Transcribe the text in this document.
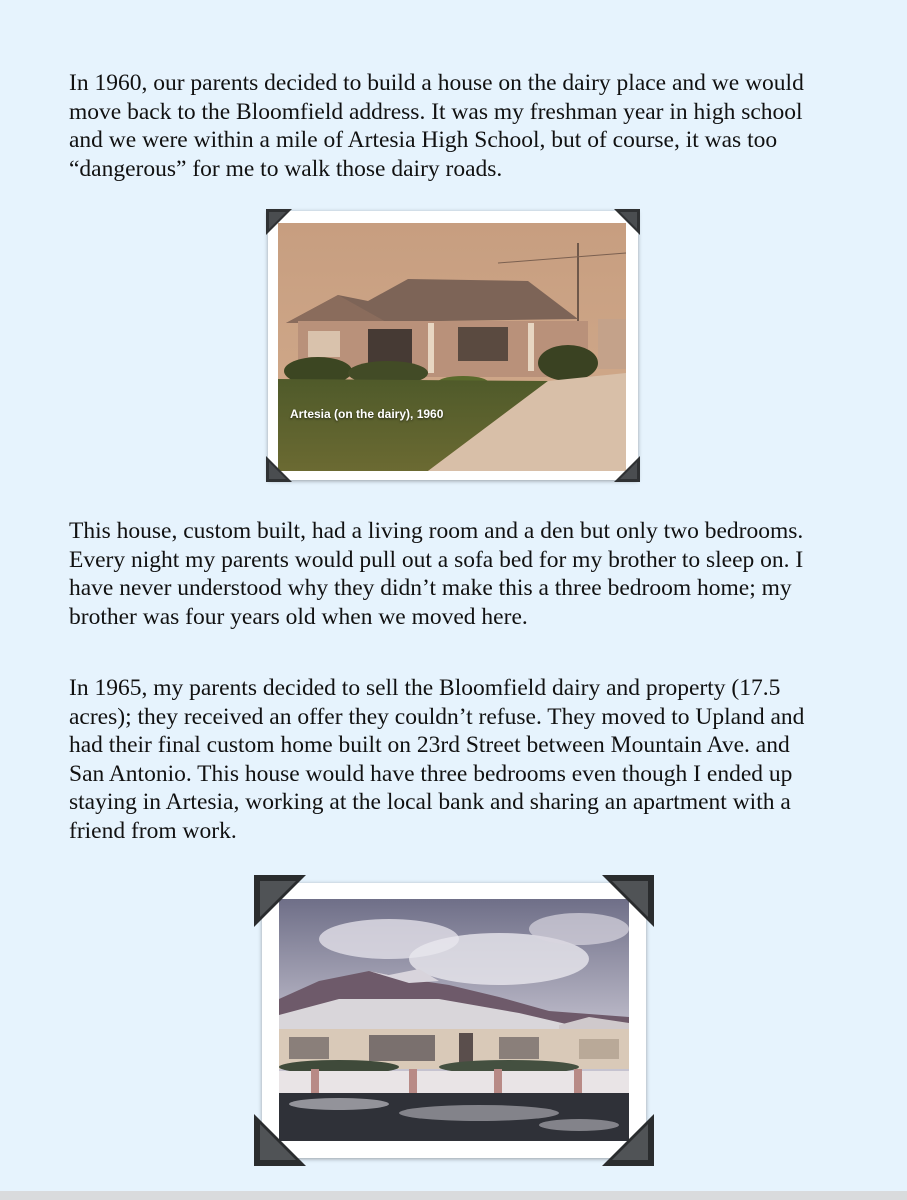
In 1960, our parents decided to build a house on the dairy place and we would move back to the Bloomfield address. It was my freshman year in high school and we were within a mile of Artesia High School, but of course, it was too “dangerous” for me to walk those dairy roads.

Artesia (on the dairy), 1960

This house, custom built, had a living room and a den but only two bedrooms. Every night my parents would pull out a sofa bed for my brother to sleep on. I have never understood why they didn’t make this a three bedroom home; my brother was four years old when we moved here.

In 1965, my parents decided to sell the Bloomfield dairy and property (17.5 acres); they received an offer they couldn’t refuse. They moved to Upland and had their final custom home built on 23rd Street between Mountain Ave. and San Antonio. This house would have three bedrooms even though I ended up staying in Artesia, working at the local bank and sharing an apartment with a friend from work.
